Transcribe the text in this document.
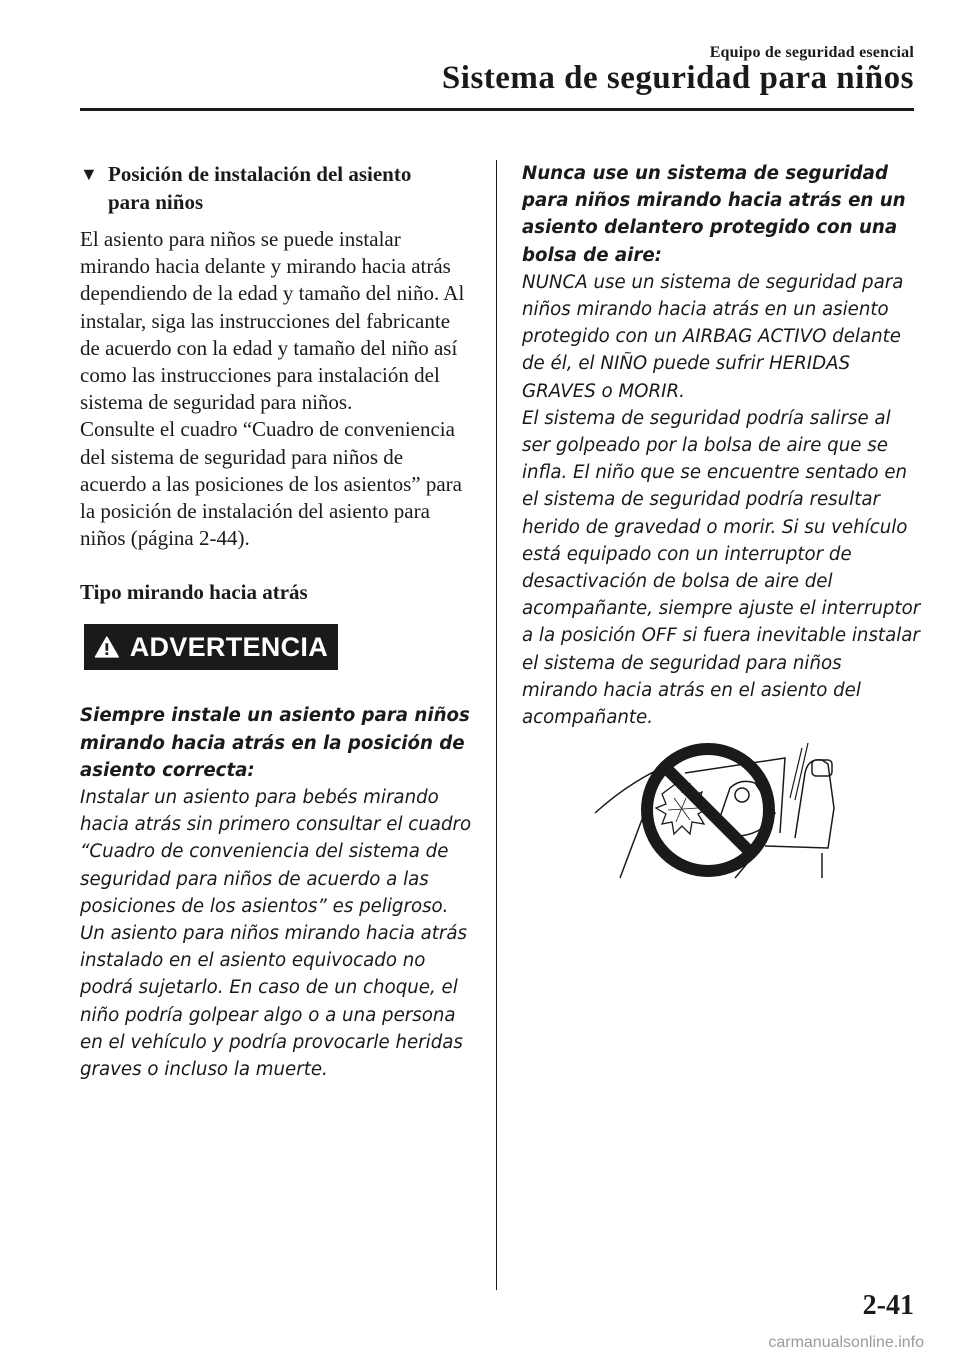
Equipo de seguridad esencial
Sistema de seguridad para niños
▼ Posición de instalación del asiento
para niños

El asiento para niños se puede instalar mirando hacia delante y mirando hacia atrás dependiendo de la edad y tamaño del niño. Al instalar, siga las instrucciones del fabricante de acuerdo con la edad y tamaño del niño así como las instrucciones para instalación del sistema de seguridad para niños.
Consulte el cuadro “Cuadro de conveniencia del sistema de seguridad para niños de acuerdo a las posiciones de los asientos” para la posición de instalación del asiento para niños (página 2-44).

Tipo mirando hacia atrás

ADVERTENCIA
Siempre instale un asiento para niños mirando hacia atrás en la posición de asiento correcta:
Instalar un asiento para bebés mirando hacia atrás sin primero consultar el cuadro “Cuadro de conveniencia del sistema de seguridad para niños de acuerdo a las posiciones de los asientos” es peligroso. Un asiento para niños mirando hacia atrás instalado en el asiento equivocado no podrá sujetarlo. En caso de un choque, el niño podría golpear algo o a una persona en el vehículo y podría provocarle heridas graves o incluso la muerte.
Nunca use un sistema de seguridad para niños mirando hacia atrás en un asiento delantero protegido con una bolsa de aire:
NUNCA use un sistema de seguridad para niños mirando hacia atrás en un asiento protegido con un AIRBAG ACTIVO delante de él, el NIÑO puede sufrir HERIDAS GRAVES o MORIR.
El sistema de seguridad podría salirse al ser golpeado por la bolsa de aire que se infla. El niño que se encuentre sentado en el sistema de seguridad podría resultar herido de gravedad o morir. Si su vehículo está equipado con un interruptor de desactivación de bolsa de aire del acompañante, siempre ajuste el interruptor a la posición OFF si fuera inevitable instalar el sistema de seguridad para niños mirando hacia atrás en el asiento del acompañante.
2-41
carmanualsonline.info
